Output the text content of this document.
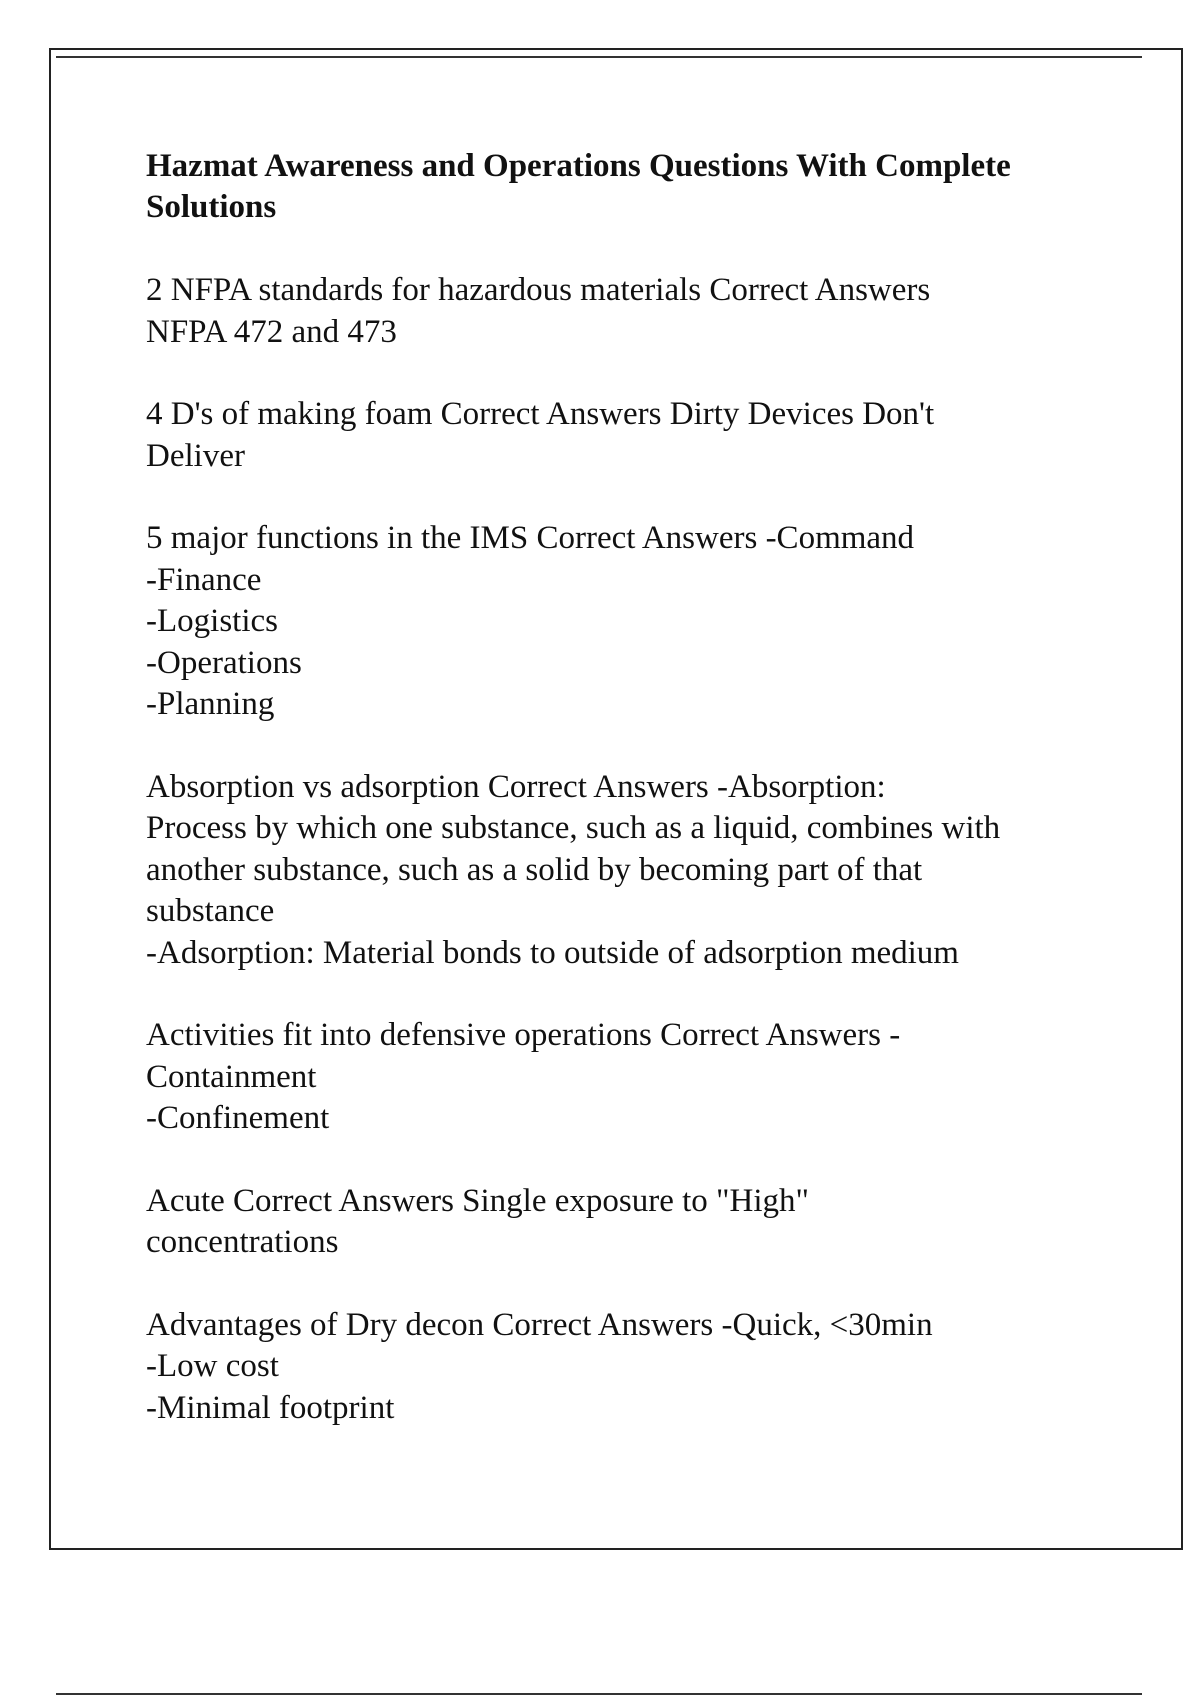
Hazmat Awareness and Operations Questions With Complete Solutions
2 NFPA standards for hazardous materials Correct Answers
NFPA 472 and 473
4 D's of making foam Correct Answers Dirty Devices Don't
Deliver
5 major functions in the IMS Correct Answers -Command
-Finance
-Logistics
-Operations
-Planning
Absorption vs adsorption Correct Answers -Absorption:
Process by which one substance, such as a liquid, combines with
another substance, such as a solid by becoming part of that
substance
-Adsorption: Material bonds to outside of adsorption medium
Activities fit into defensive operations Correct Answers -
Containment
-Confinement
Acute Correct Answers Single exposure to "High"
concentrations
Advantages of Dry decon Correct Answers -Quick, <30min
-Low cost
-Minimal footprint
